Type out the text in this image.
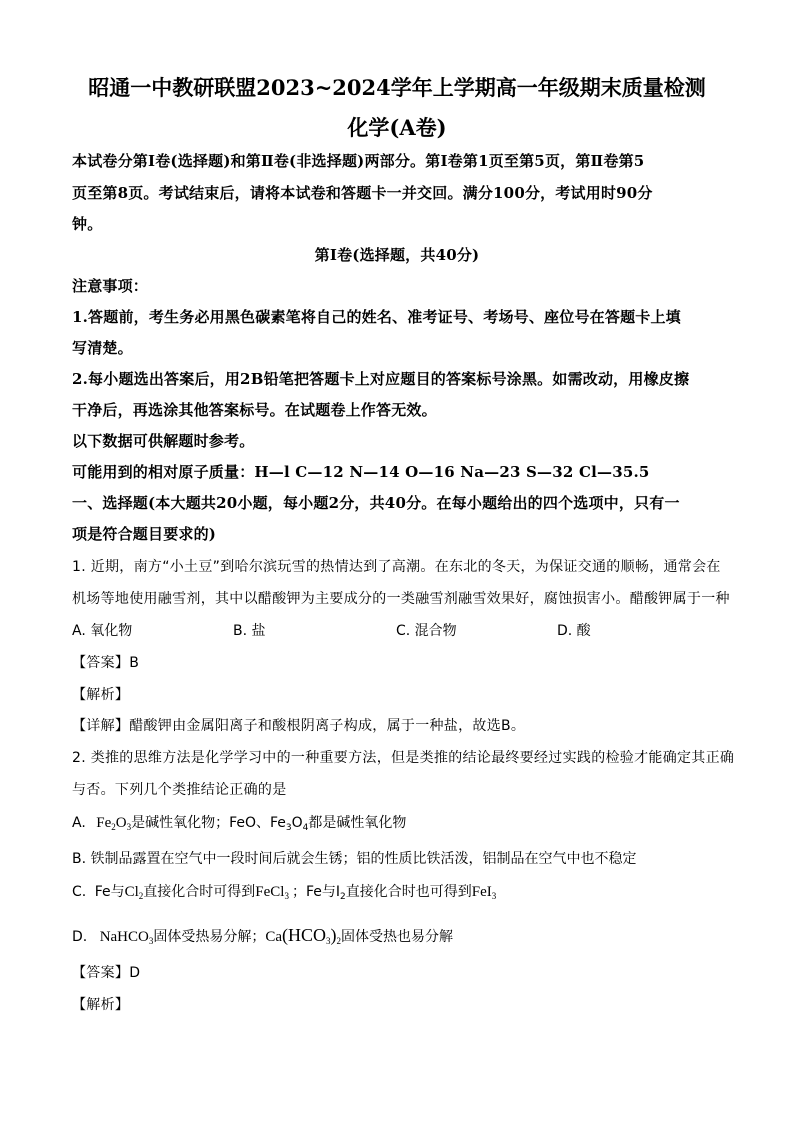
昭通一中教研联盟2023~2024学年上学期高一年级期末质量检测
化学(A卷)
本试卷分第Ⅰ卷(选择题)和第Ⅱ卷(非选择题)两部分。第Ⅰ卷第1页至第5页，第Ⅱ卷第5
页至第8页。考试结束后，请将本试卷和答题卡一并交回。满分100分，考试用时90分
钟。
第Ⅰ卷(选择题，共40分)
注意事项：
1.答题前，考生务必用黑色碳素笔将自己的姓名、准考证号、考场号、座位号在答题卡上填
写清楚。
2.每小题选出答案后，用2B铅笔把答题卡上对应题目的答案标号涂黑。如需改动，用橡皮擦
干净后，再选涂其他答案标号。在试题卷上作答无效。
以下数据可供解题时参考。
可能用到的相对原子质量：H—l C—12 N—14 O—16 Na—23 S—32 Cl—35.5
一、选择题(本大题共20小题，每小题2分，共40分。在每小题给出的四个选项中，只有一
项是符合题目要求的)
1. 近期，南方“小土豆”到哈尔滨玩雪的热情达到了高潮。在东北的冬天，为保证交通的顺畅，通常会在
机场等地使用融雪剂，其中以醋酸钾为主要成分的一类融雪剂融雪效果好，腐蚀损害小。醋酸钾属于一种
A. 氧化物	B. 盐	C. 混合物	D. 酸
【答案】B
【解析】
【详解】醋酸钾由金属阳离子和酸根阴离子构成，属于一种盐，故选B。
2. 类推的思维方法是化学学习中的一种重要方法，但是类推的结论最终要经过实践的检验才能确定其正确
与否。下列几个类推结论正确的是
A. $Fe_2O_3$是碱性氧化物；FeO、$Fe_3O_4$都是碱性氧化物
B. 铁制品露置在空气中一段时间后就会生锈；铝的性质比铁活泼，铝制品在空气中也不稳定
C. Fe与$Cl_2$直接化合时可得到FeCl$_3$ ；Fe与$I_2$直接化合时也可得到FeI$_3$
D. NaHCO$_3$固体受热易分解；$Ca(HCO_3)_2$固体受热也易分解
【答案】D
【解析】
